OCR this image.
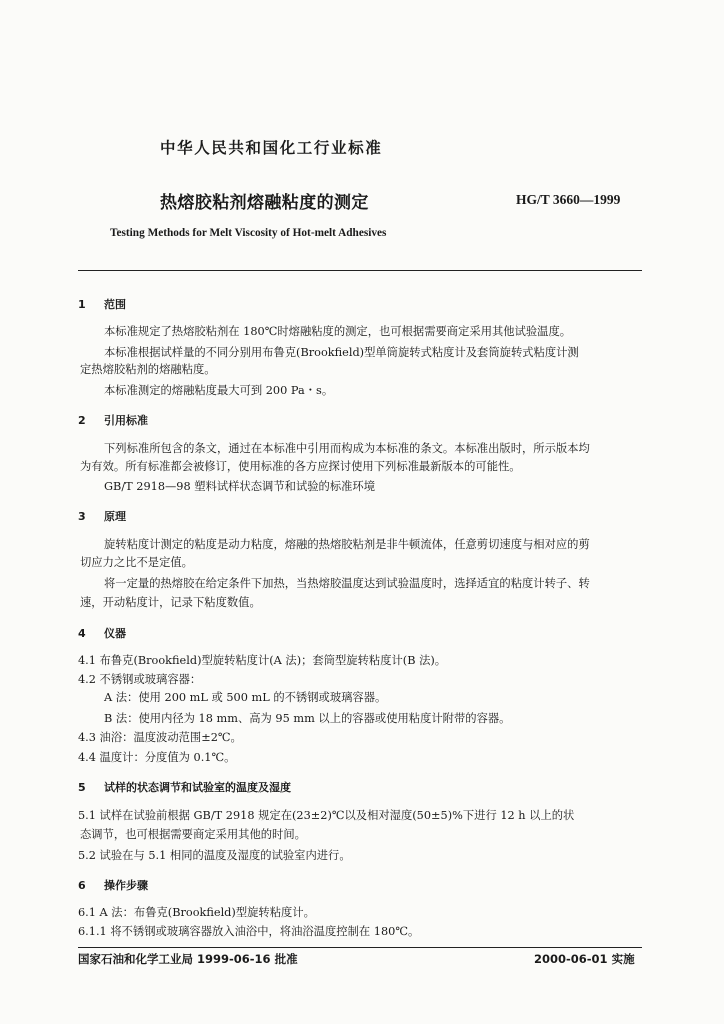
中华人民共和国化工行业标准
热熔胶粘剂熔融粘度的测定	HG/T 3660—1999
Testing Methods for Melt Viscosity of Hot-melt Adhesives
1 范围
本标准规定了热熔胶粘剂在 180℃时熔融粘度的测定，也可根据需要商定采用其他试验温度。
本标准根据试样量的不同分别用布鲁克(Brookfield)型单筒旋转式粘度计及套筒旋转式粘度计测
定热熔胶粘剂的熔融粘度。
本标准测定的熔融粘度最大可到 200 Pa・s。
2 引用标准
下列标准所包含的条文，通过在本标准中引用而构成为本标准的条文。本标准出版时，所示版本均
为有效。所有标准都会被修订，使用标准的各方应探讨使用下列标准最新版本的可能性。
GB/T 2918—98 塑料试样状态调节和试验的标准环境
3 原理
旋转粘度计测定的粘度是动力粘度，熔融的热熔胶粘剂是非牛顿流体，任意剪切速度与相对应的剪
切应力之比不是定值。
将一定量的热熔胶在给定条件下加热，当热熔胶温度达到试验温度时，选择适宜的粘度计转子、转
速，开动粘度计，记录下粘度数值。
4 仪器
4.1 布鲁克(Brookfield)型旋转粘度计(A 法)；套筒型旋转粘度计(B 法)。
4.2 不锈钢或玻璃容器：
A 法：使用 200 mL 或 500 mL 的不锈钢或玻璃容器。
B 法：使用内径为 18 mm、高为 95 mm 以上的容器或使用粘度计附带的容器。
4.3 油浴：温度波动范围±2℃。
4.4 温度计：分度值为 0.1℃。
5 试样的状态调节和试验室的温度及湿度
5.1 试样在试验前根据 GB/T 2918 规定在(23±2)℃以及相对湿度(50±5)%下进行 12 h 以上的状
态调节，也可根据需要商定采用其他的时间。
5.2 试验在与 5.1 相同的温度及湿度的试验室内进行。
6 操作步骤
6.1 A 法：布鲁克(Brookfield)型旋转粘度计。
6.1.1 将不锈钢或玻璃容器放入油浴中，将油浴温度控制在 180℃。
国家石油和化学工业局 1999-06-16 批准	2000-06-01 实施
